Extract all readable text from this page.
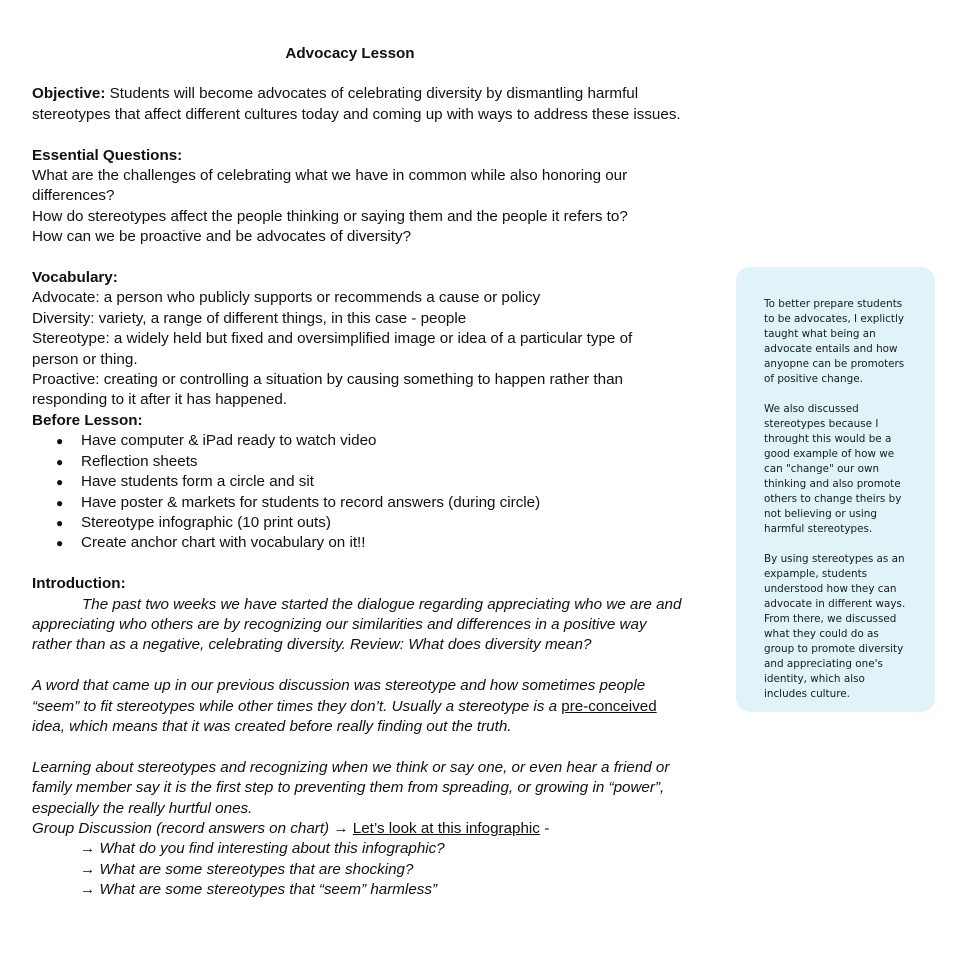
Advocacy Lesson

Objective: Students will become advocates of celebrating diversity by dismantling harmful stereotypes that affect different cultures today and coming up with ways to address these issues.

Essential Questions:

What are the challenges of celebrating what we have in common while also honoring our differences?

How do stereotypes affect the people thinking or saying them and the people it refers to?

How can we be proactive and be advocates of diversity?

Vocabulary:

Advocate: a person who publicly supports or recommends a cause or policy

Diversity: variety, a range of different things, in this case - people

Stereotype: a widely held but fixed and oversimplified image or idea of a particular type of person or thing.

Proactive: creating or controlling a situation by causing something to happen rather than responding to it after it has happened.

Before Lesson:

● Have computer & iPad ready to watch video
● Reflection sheets
● Have students form a circle and sit
● Have poster & markets for students to record answers (during circle)
● Stereotype infographic (10 print outs)
● Create anchor chart with vocabulary on it!!

Introduction:

The past two weeks we have started the dialogue regarding appreciating who we are and appreciating who others are by recognizing our similarities and differences in a positive way rather than as a negative, celebrating diversity. Review: What does diversity mean?

A word that came up in our previous discussion was stereotype and how sometimes people “seem” to fit stereotypes while other times they don’t. Usually a stereotype is a pre-conceived idea, which means that it was created before really finding out the truth.

Learning about stereotypes and recognizing when we think or say one, or even hear a friend or family member say it is the first step to preventing them from spreading, or growing in “power”, especially the really hurtful ones.

Group Discussion (record answers on chart) → Let’s look at this infographic -

→ What do you find interesting about this infographic?

→ What are some stereotypes that are shocking?

→ What are some stereotypes that “seem” harmless”

To better prepare students to be advocates, I explictly taught what being an advocate entails and how anyopne can be promoters of positive change.

We also discussed stereotypes because I throught this would be a good example of how we can "change" our own thinking and also promote others to change theirs by not believing or using harmful stereotypes.

By using stereotypes as an expample, students understood how they can advocate in different ways. From there, we discussed what they could do as group to promote diversity and appreciating one's identity, which also includes culture.
